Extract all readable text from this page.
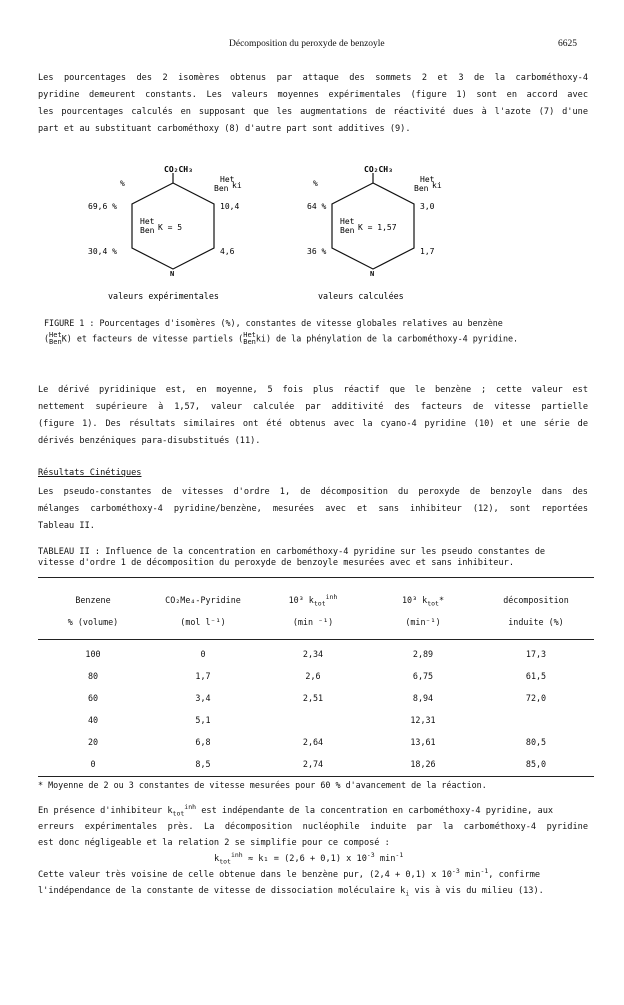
Décomposition du peroxyde de benzoyle	6625
Les pourcentages des 2 isomères obtenus par attaque des sommets 2 et 3 de la carbométhoxy-4
pyridine demeurent constants. Les valeurs moyennes expérimentales (figure 1) sont en accord avec
les pourcentages calculés en supposant que les augmentations de réactivité dues à l'azote (7) d'une
part et au substituant carbométhoxy (8) d'autre part sont additives (9).
CO₂CH₃
N
Het
Ben ki
%
69,6 %
30,4 %
10,4
4,6
Het
Ben K = 5
valeurs expérimentales
CO₂CH₃
N
Het
Ben ki
%
64 %
36 %
3,0
1,7
Het
Ben K = 1,57
valeurs calculées
FIGURE 1 : Pourcentages d'isomères (%), constantes de vitesse globales relatives au benzène
( Het
Ben K) et facteurs de vitesse partiels ( Het
Ben ki) de la phénylation de la carbométhoxy-4 pyridine.
Le dérivé pyridinique est, en moyenne, 5 fois plus réactif que le benzène ; cette valeur est
nettement supérieure à 1,57, valeur calculée par additivité des facteurs de vitesse partielle
(figure 1). Des résultats similaires ont été obtenus avec la cyano-4 pyridine (10) et une série de
dérivés benzéniques para-disubstitués (11).
Résultats Cinétiques
Les pseudo-constantes de vitesses d'ordre 1, de décomposition du peroxyde de benzoyle dans des
mélanges carbométhoxy-4 pyridine/benzène, mesurées avec et sans inhibiteur (12), sont reportées
Tableau II.
TABLEAU II : Influence de la concentration en carbométhoxy-4 pyridine sur les pseudo constantes de
vitesse d'ordre 1 de décomposition du peroxyde de benzoyle mesurées avec et sans inhibiteur.
Benzene	CO₂Me₄-Pyridine	10³ $k_{tot}^{inh}$	10³ $k_{tot}*$	décomposition
% (volume)	(mol l⁻¹)	(min ⁻¹)	(min⁻¹)	induite (%)
100	0	2,34	2,89	17,3
80	1,7	2,6	6,75	61,5
60	3,4	2,51	8,94	72,0
40	5,1		12,31	
20	6,8	2,64	13,61	80,5
0	8,5	2,74	18,26	85,0
* Moyenne de 2 ou 3 constantes de vitesse mesurées pour 60 % d'avancement de la réaction.
En présence d'inhibiteur $k_{tot}^{inh}$ est indépendante de la concentration en carbométhoxy-4 pyridine, aux
erreurs expérimentales près. La décomposition nucléophile induite par la carbométhoxy-4 pyridine
est donc négligeable et la relation 2 se simplifie pour ce composé :
$k_{tot}^{inh} \approx k_1 = (2,6 + 0,1)$ x $10^{-3}$ $\min^{-1}$
Cette valeur très voisine de celle obtenue dans le benzène pur, (2,4 + 0,1) x $10^{-3}$ $\min^{-1}$, confirme
l'indépendance de la constante de vitesse de dissociation moléculaire $k_i$ vis à vis du milieu (13).
